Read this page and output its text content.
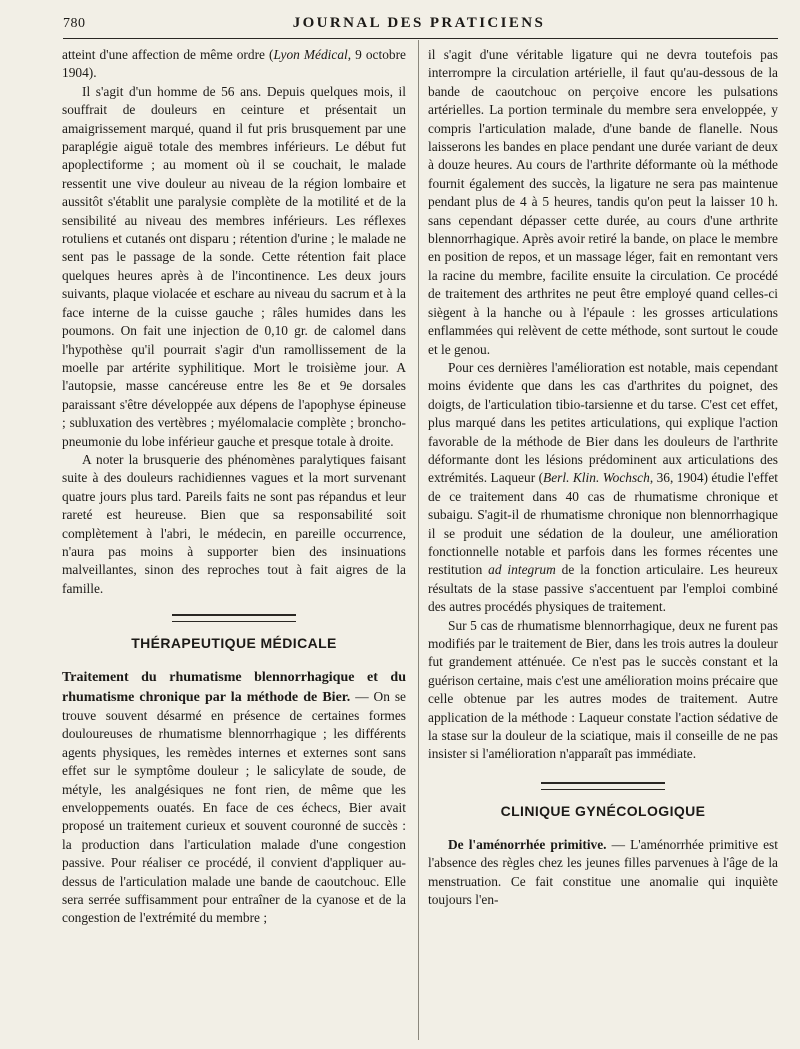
780	JOURNAL DES PRATICIENS

atteint d'une affection de même ordre (Lyon Médical, 9 octobre 1904).

Il s'agit d'un homme de 56 ans. Depuis quelques mois, il souffrait de douleurs en ceinture et présentait un amaigrissement marqué, quand il fut pris brusquement par une paraplégie aiguë totale des membres inférieurs. Le début fut apoplectiforme ; au moment où il se couchait, le malade ressentit une vive douleur au niveau de la région lombaire et aussitôt s'établit une paralysie complète de la motilité et de la sensibilité au niveau des membres inférieurs. Les réflexes rotuliens et cutanés ont disparu ; rétention d'urine ; le malade ne sent pas le passage de la sonde. Cette rétention fait place quelques heures après à de l'incontinence. Les deux jours suivants, plaque violacée et eschare au niveau du sacrum et à la face interne de la cuisse gauche ; râles humides dans les poumons. On fait une injection de 0,10 gr. de calomel dans l'hypothèse qu'il pourrait s'agir d'un ramollissement de la moelle par artérite syphilitique. Mort le troisième jour. A l'autopsie, masse cancéreuse entre les 8e et 9e dorsales paraissant s'être développée aux dépens de l'apophyse épineuse ; subluxation des vertèbres ; myélomalacie complète ; broncho-pneumonie du lobe inférieur gauche et presque totale à droite.

A noter la brusquerie des phénomènes paralytiques faisant suite à des douleurs rachidiennes vagues et la mort survenant quatre jours plus tard. Pareils faits ne sont pas répandus et leur rareté est heureuse. Bien que sa responsabilité soit complètement à l'abri, le médecin, en pareille occurrence, n'aura pas moins à supporter bien des insinuations malveillantes, sinon des reproches tout à fait aigres de la famille.

THÉRAPEUTIQUE MÉDICALE

Traitement du rhumatisme blennorrhagique et du rhumatisme chronique par la méthode de Bier. — On se trouve souvent désarmé en présence de certaines formes douloureuses de rhumatisme blennorrhagique ; les différents agents physiques, les remèdes internes et externes sont sans effet sur le symptôme douleur ; le salicylate de soude, de métyle, les analgésiques ne font rien, de même que les enveloppements ouatés. En face de ces échecs, Bier avait proposé un traitement curieux et souvent couronné de succès : la production dans l'articulation malade d'une congestion passive. Pour réaliser ce procédé, il convient d'appliquer au-dessus de l'articulation malade une bande de caoutchouc. Elle sera serrée suffisamment pour entraîner de la cyanose et de la congestion de l'extrémité du membre ;

il s'agit d'une véritable ligature qui ne devra toutefois pas interrompre la circulation artérielle, il faut qu'au-dessous de la bande de caoutchouc on perçoive encore les pulsations artérielles. La portion terminale du membre sera enveloppée, y compris l'articulation malade, d'une bande de flanelle. Nous laisserons les bandes en place pendant une durée variant de deux à douze heures. Au cours de l'arthrite déformante où la méthode fournit également des succès, la ligature ne sera pas maintenue pendant plus de 4 à 5 heures, tandis qu'on peut la laisser 10 h. sans cependant dépasser cette durée, au cours d'une arthrite blennorrhagique. Après avoir retiré la bande, on place le membre en position de repos, et un massage léger, fait en remontant vers la racine du membre, facilite ensuite la circulation. Ce procédé de traitement des arthrites ne peut être employé quand celles-ci siègent à la hanche ou à l'épaule : les grosses articulations enflammées qui relèvent de cette méthode, sont surtout le coude et le genou.

Pour ces dernières l'amélioration est notable, mais cependant moins évidente que dans les cas d'arthrites du poignet, des doigts, de l'articulation tibio-tarsienne et du tarse. C'est cet effet, plus marqué dans les petites articulations, qui explique l'action favorable de la méthode de Bier dans les douleurs de l'arthrite déformante dont les lésions prédominent aux articulations des extrémités. Laqueur (Berl. Klin. Wochsch, 36, 1904) étudie l'effet de ce traitement dans 40 cas de rhumatisme chronique et subaigu. S'agit-il de rhumatisme chronique non blennorrhagique il se produit une sédation de la douleur, une amélioration fonctionnelle notable et parfois dans les formes récentes une restitution ad integrum de la fonction articulaire. Les heureux résultats de la stase passive s'accentuent par l'emploi combiné des autres procédés physiques de traitement.

Sur 5 cas de rhumatisme blennorrhagique, deux ne furent pas modifiés par le traitement de Bier, dans les trois autres la douleur fut grandement atténuée. Ce n'est pas le succès constant et la guérison certaine, mais c'est une amélioration moins précaire que celle obtenue par les autres modes de traitement. Autre application de la méthode : Laqueur constate l'action sédative de la stase sur la douleur de la sciatique, mais il conseille de ne pas insister si l'amélioration n'apparaît pas immédiate.

CLINIQUE GYNÉCOLOGIQUE

De l'aménorrhée primitive. — L'aménorrhée primitive est l'absence des règles chez les jeunes filles parvenues à l'âge de la menstruation. Ce fait constitue une anomalie qui inquiète toujours l'en-
